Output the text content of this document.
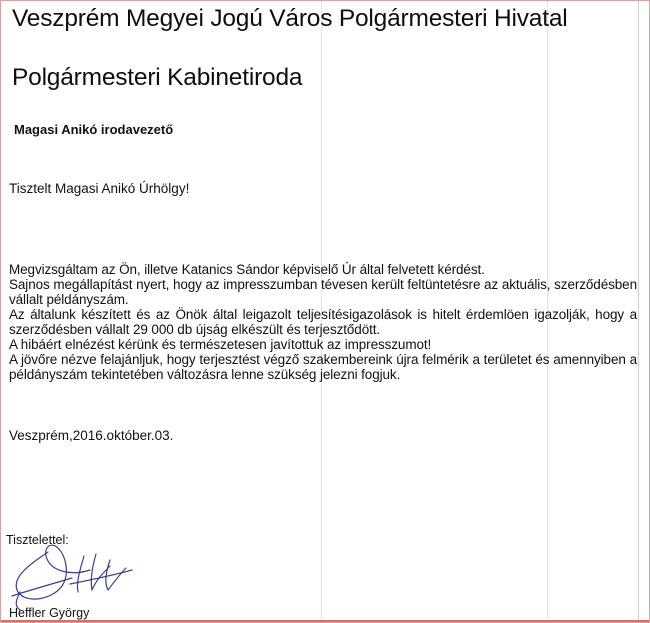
Veszprém Megyei Jogú Város Polgármesteri Hivatal
Polgármesteri Kabinetiroda
Magasi Anikó irodavezető
Tisztelt Magasi Anikó Úrhölgy!

Megvizsgáltam az Ön, illetve Katanics Sándor képviselő Úr által felvetett kérdést.

Sajnos megállapítást nyert, hogy az impresszumban tévesen került feltüntetésre az aktuális, szerződésben vállalt példányszám.

Az általunk készített és az Önök által leigazolt teljesítésigazolások is hitelt érdemlöen igazolják, hogy a szerződésben vállalt 29 000 db újság elkészült és terjesztődött.

A hibáért elnézést kérünk és természetesen javítottuk az impresszumot!

A jövőre nézve felajánljuk, hogy terjesztést végző szakembereink újra felmérik a területet és amennyiben a példányszám tekintetében változásra lenne szükség jelezni fogjuk.

Veszprém,2016.október.03.
Tisztelettel:
Heffler György
